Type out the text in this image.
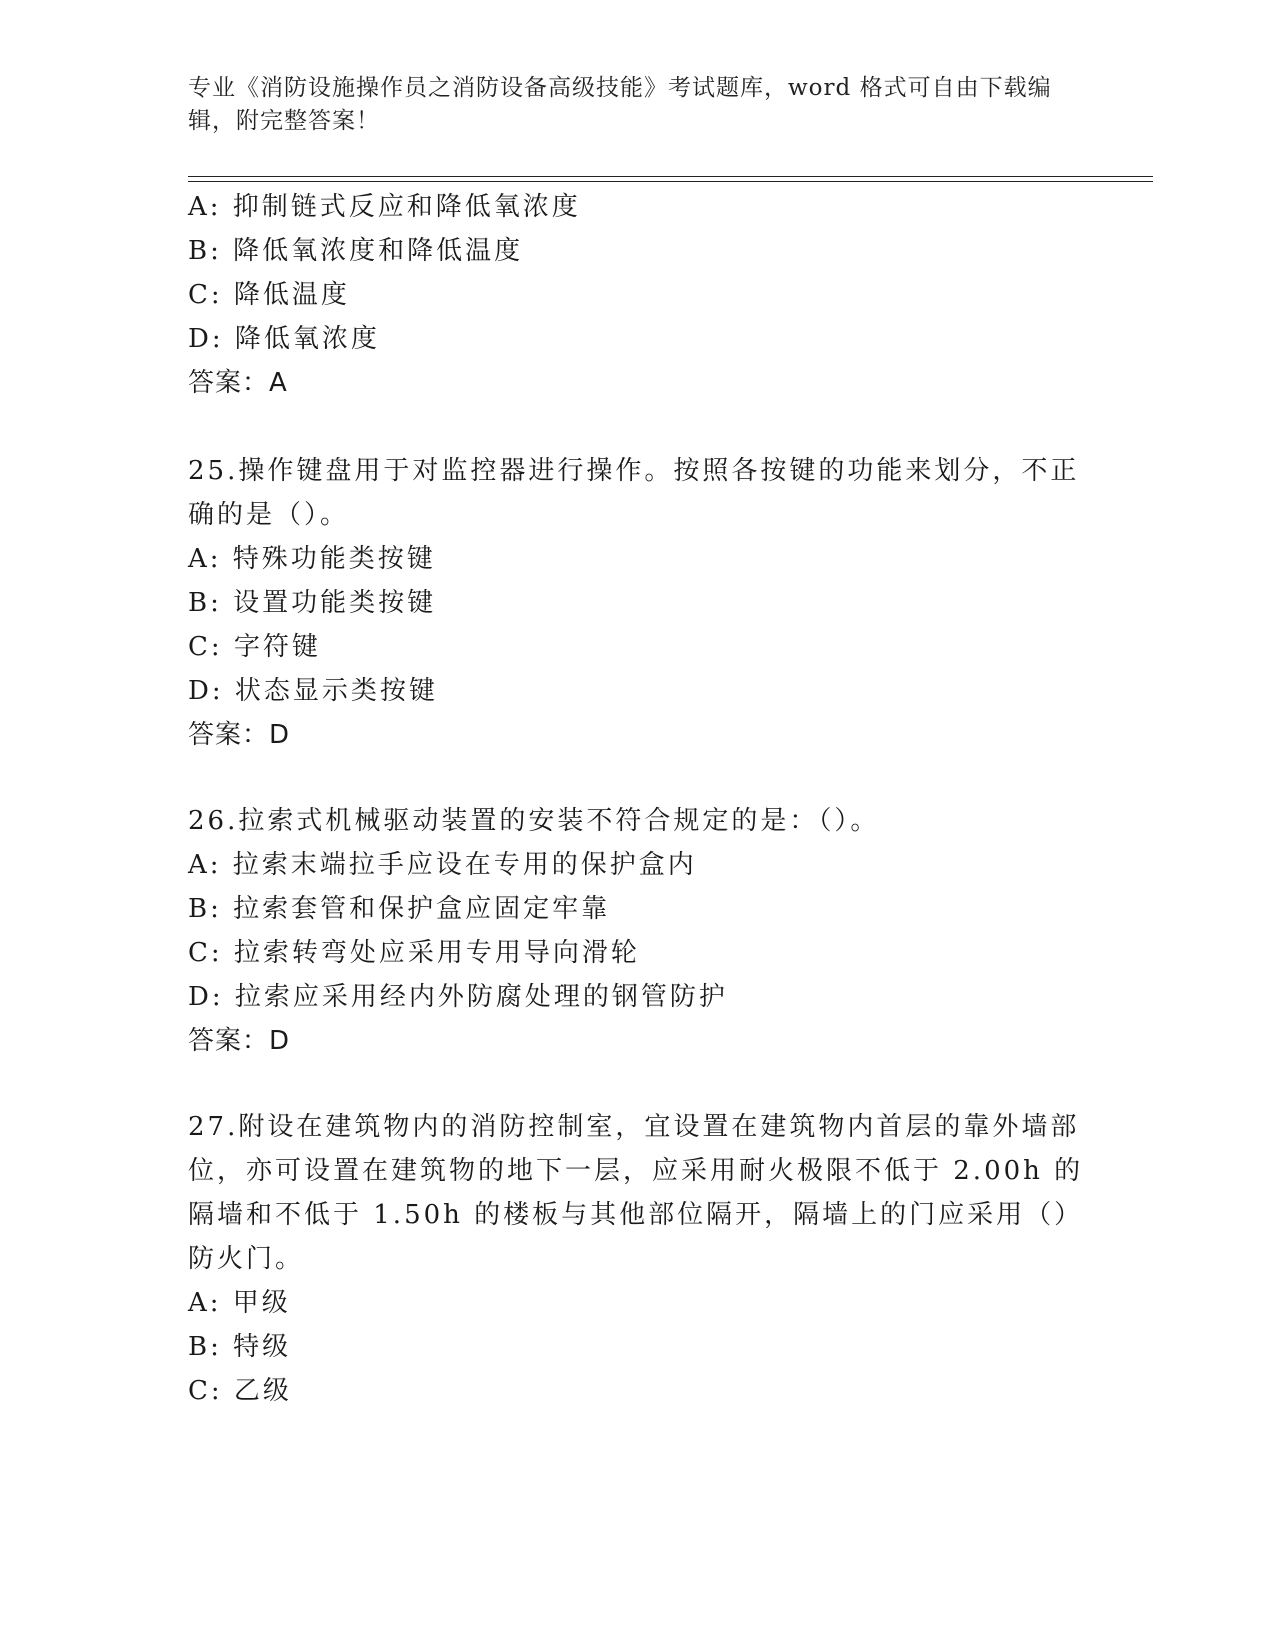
专业《消防设施操作员之消防设备高级技能》考试题库，word 格式可自由下载编辑，附完整答案！
A: 抑制链式反应和降低氧浓度
B: 降低氧浓度和降低温度
C: 降低温度
D: 降低氧浓度
答案：A
25.操作键盘用于对监控器进行操作。按照各按键的功能来划分，不正
确的是（）。
A: 特殊功能类按键
B: 设置功能类按键
C: 字符键
D: 状态显示类按键
答案：D
26.拉索式机械驱动装置的安装不符合规定的是：（）。
A: 拉索末端拉手应设在专用的保护盒内
B: 拉索套管和保护盒应固定牢靠
C: 拉索转弯处应采用专用导向滑轮
D: 拉索应采用经内外防腐处理的钢管防护
答案：D
27.附设在建筑物内的消防控制室，宜设置在建筑物内首层的靠外墙部
位，亦可设置在建筑物的地下一层，应采用耐火极限不低于 2.00h 的
隔墙和不低于 1.50h 的楼板与其他部位隔开，隔墙上的门应采用（）
防火门。
A: 甲级
B: 特级
C: 乙级
